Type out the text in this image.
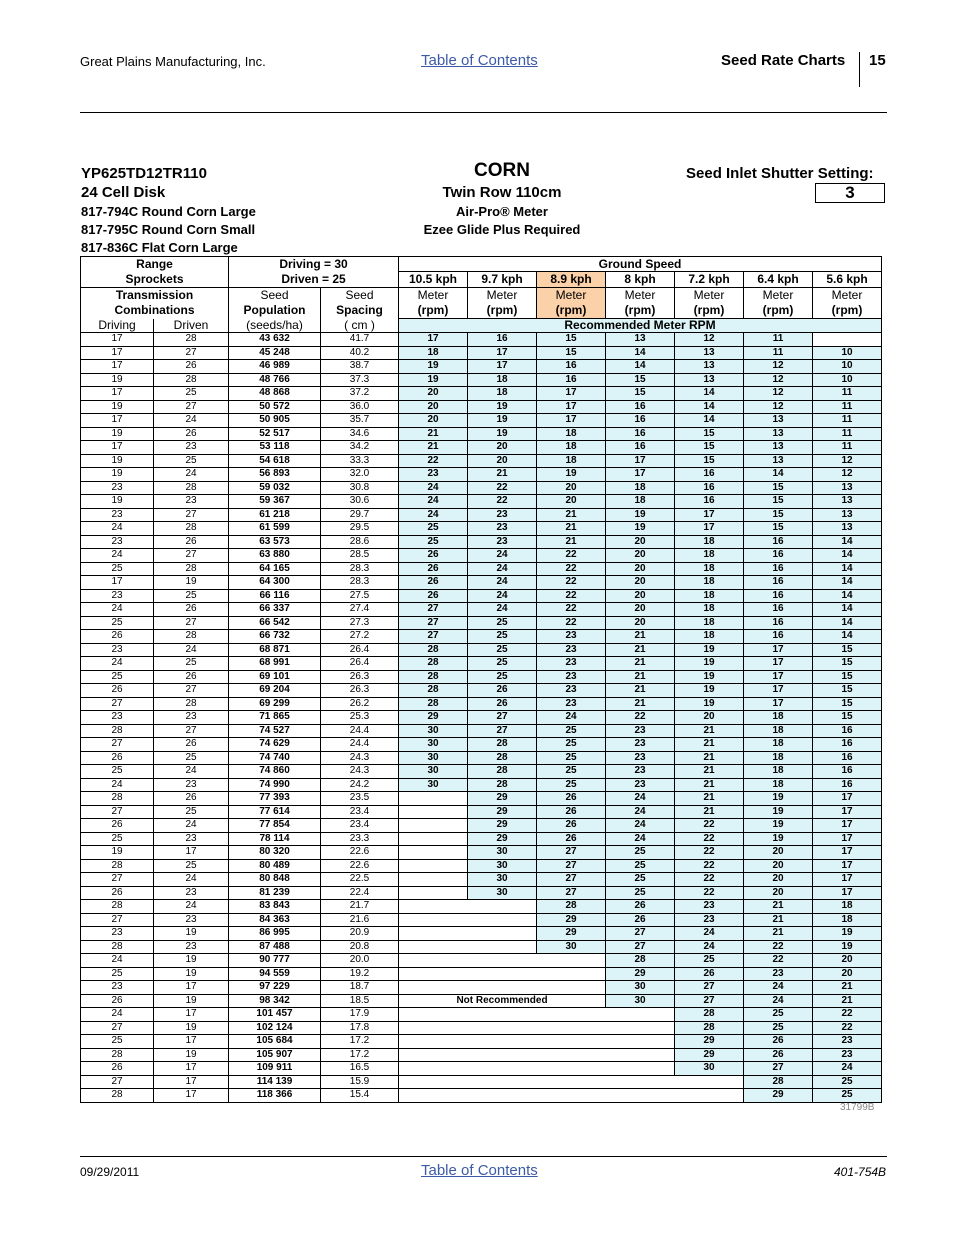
Great Plains Manufacturing, Inc.	Table of Contents	Seed Rate Charts 15
YP625TD12TR110
24 Cell Disk
817-794C Round Corn Large
817-795C Round Corn Small
817-836C Flat Corn Large
CORN
Twin Row 110cm
Air-Pro® Meter
Ezee Glide Plus Required
Seed Inlet Shutter Setting:
3
Range		Driving = 30		Ground Speed						
Sprockets		Driven = 25		10.5 kph	9.7 kph	8.9 kph	8 kph	7.2 kph	6.4 kph	5.6 kph
Transmission		Seed	Seed	Meter	Meter	Meter	Meter	Meter	Meter	Meter
Combinations		Population	Spacing	(rpm)	(rpm)	(rpm)	(rpm)	(rpm)	(rpm)	(rpm)
Driving	Driven	(seeds/ha)	( cm )	Recommended Meter RPM						
17	28	43 632	41.7	17	16	15	13	12	11	
17	27	45 248	40.2	18	17	15	14	13	11	10
17	26	46 989	38.7	19	17	16	14	13	12	10
19	28	48 766	37.3	19	18	16	15	13	12	10
17	25	48 868	37.2	20	18	17	15	14	12	11
19	27	50 572	36.0	20	19	17	16	14	12	11
17	24	50 905	35.7	20	19	17	16	14	13	11
19	26	52 517	34.6	21	19	18	16	15	13	11
17	23	53 118	34.2	21	20	18	16	15	13	11
19	25	54 618	33.3	22	20	18	17	15	13	12
19	24	56 893	32.0	23	21	19	17	16	14	12
23	28	59 032	30.8	24	22	20	18	16	15	13
19	23	59 367	30.6	24	22	20	18	16	15	13
23	27	61 218	29.7	24	23	21	19	17	15	13
24	28	61 599	29.5	25	23	21	19	17	15	13
23	26	63 573	28.6	25	23	21	20	18	16	14
24	27	63 880	28.5	26	24	22	20	18	16	14
25	28	64 165	28.3	26	24	22	20	18	16	14
17	19	64 300	28.3	26	24	22	20	18	16	14
23	25	66 116	27.5	26	24	22	20	18	16	14
24	26	66 337	27.4	27	24	22	20	18	16	14
25	27	66 542	27.3	27	25	22	20	18	16	14
26	28	66 732	27.2	27	25	23	21	18	16	14
23	24	68 871	26.4	28	25	23	21	19	17	15
24	25	68 991	26.4	28	25	23	21	19	17	15
25	26	69 101	26.3	28	25	23	21	19	17	15
26	27	69 204	26.3	28	26	23	21	19	17	15
27	28	69 299	26.2	28	26	23	21	19	17	15
23	23	71 865	25.3	29	27	24	22	20	18	15
28	27	74 527	24.4	30	27	25	23	21	18	16
27	26	74 629	24.4	30	28	25	23	21	18	16
26	25	74 740	24.3	30	28	25	23	21	18	16
25	24	74 860	24.3	30	28	25	23	21	18	16
24	23	74 990	24.2	30	28	25	23	21	18	16
28	26	77 393	23.5		29	26	24	21	19	17
27	25	77 614	23.4		29	26	24	21	19	17
26	24	77 854	23.4		29	26	24	22	19	17
25	23	78 114	23.3		29	26	24	22	19	17
19	17	80 320	22.6		30	27	25	22	20	17
28	25	80 489	22.6		30	27	25	22	20	17
27	24	80 848	22.5		30	27	25	22	20	17
26	23	81 239	22.4		30	27	25	22	20	17
28	24	83 843	21.7			28	26	23	21	18
27	23	84 363	21.6			29	26	23	21	18
23	19	86 995	20.9			29	27	24	21	19
28	23	87 488	20.8			30	27	24	22	19
24	19	90 777	20.0				28	25	22	20
25	19	94 559	19.2				29	26	23	20
23	17	97 229	18.7				30	27	24	21
26	19	98 342	18.5	Not Recommended			30	27	24	21
24	17	101 457	17.9					28	25	22
27	19	102 124	17.8					28	25	22
25	17	105 684	17.2					29	26	23
28	19	105 907	17.2					29	26	23
26	17	109 911	16.5					30	27	24
27	17	114 139	15.9						28	25
28	17	118 366	15.4						29	25
31799B
09/29/2011	Table of Contents	401-754B
